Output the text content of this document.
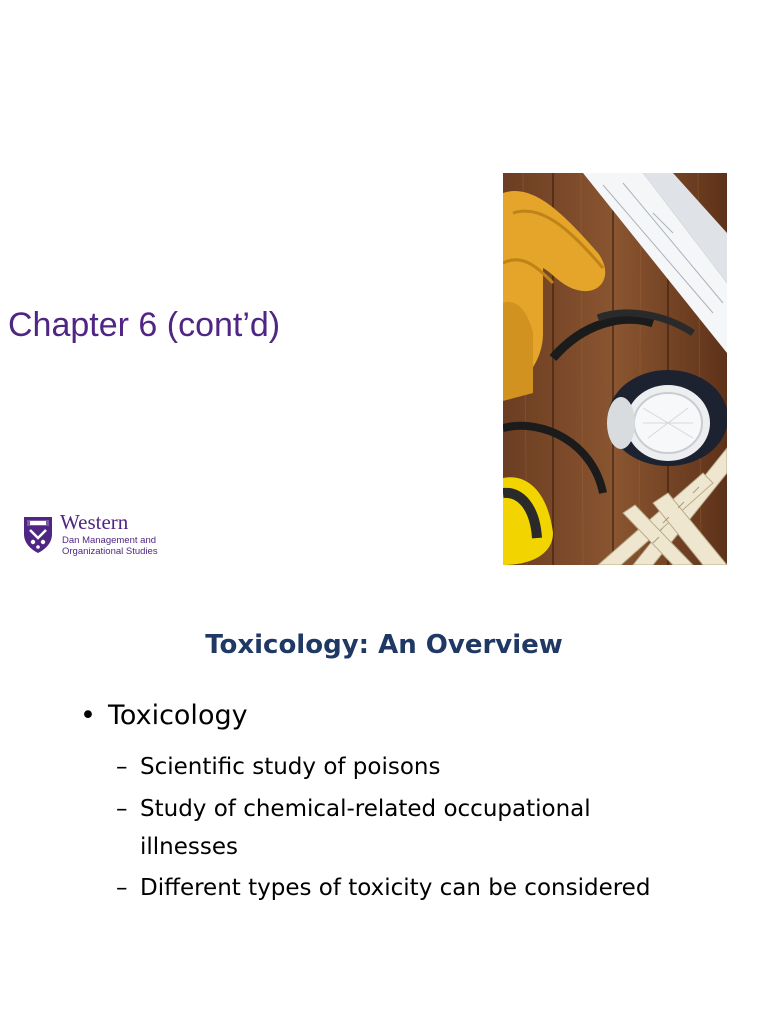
Chapter 6 (cont’d)
Western
Dan Management and
Organizational Studies
Toxicology: An Overview
• Toxicology
– Scientific study of poisons
– Study of chemical-related occupational
illnesses
– Different types of toxicity can be considered
